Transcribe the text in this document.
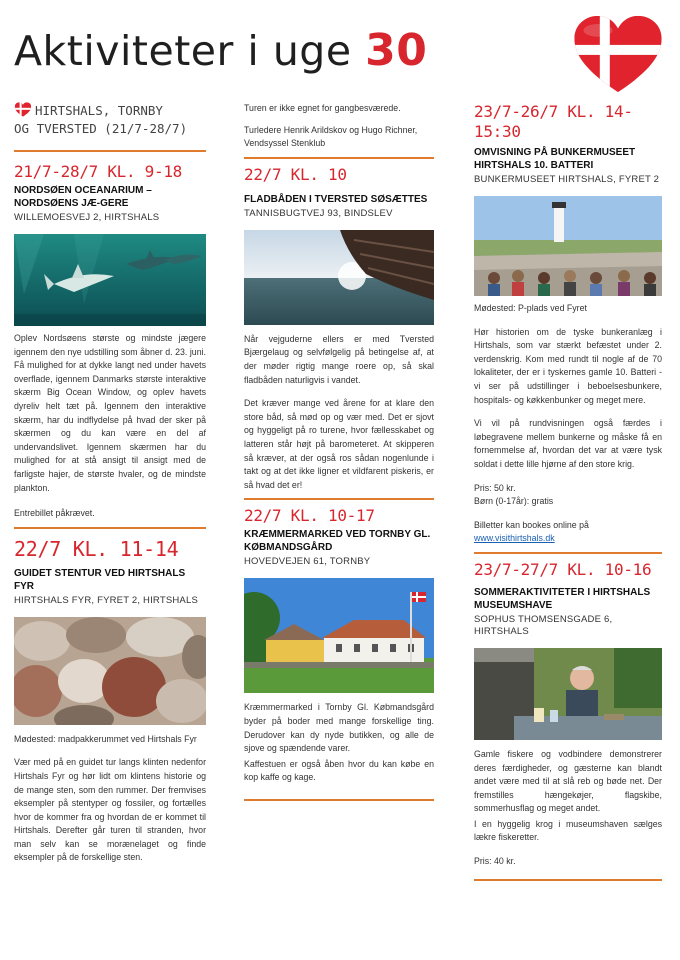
Aktiviteter i uge 30
HIRTSHALS, TORNBY
OG TVERSTED (21/7-28/7)
21/7-28/7 KL. 9-18
NORDSØEN OCEANARIUM – NORDSØENS JÆ-GERE
WILLEMOESVEJ 2, HIRTSHALS
Oplev Nordsøens største og mindste jægere igennem den nye udstilling som åbner d. 23. juni. Få mulighed for at dykke langt ned under havets overflade, igennem Danmarks største interaktive skærm Big Ocean Window, og oplev havets dyreliv helt tæt på. Igennem den interaktive skærm, har du indflydelse på hvad der sker på skærmen og du kan være en del af undervandslivet. Igennem skærmen har du mulighed for at stå ansigt til ansigt med de farligste hajer, de største hvaler, og de mindste plankton.
Entrebillet påkrævet.
22/7 KL. 11-14
GUIDET STENTUR VED HIRTSHALS FYR
HIRTSHALS FYR, FYRET 2, HIRTSHALS
Mødested: madpakkerummet ved Hirtshals Fyr
Vær med på en guidet tur langs klinten nedenfor Hirtshals Fyr og hør lidt om klintens historie og de mange sten, som den rummer. Der fremvises eksempler på stentyper og fossiler, og fortælles hvor de kommer fra og hvordan de er kommet til Hirtshals. Derefter går turen til stranden, hvor man selv kan se morænelaget og finde eksempler på de forskellige sten.
Turen er ikke egnet for gangbesværede.
Turledere Henrik Arildskov og Hugo Richner, Vendsyssel Stenklub
22/7 KL. 10
FLADBÅDEN I TVERSTED SØSÆTTES
TANNISBUGTVEJ 93, BINDSLEV
Når vejguderne ellers er med Tversted Bjærgelaug og selvfølgelig på betingelse af, at der møder rigtig mange roere op, så skal fladbåden naturligvis i vandet.
Det kræver mange ved årene for at klare den store båd, så mød op og vær med. Det er sjovt og hyggeligt på ro turene, hvor fællesskabet og latteren står højt på barometeret. At skipperen så kræver, at der også ros sådan nogenlunde i takt og at det ikke ligner et vildfarent piskeris, er så hvad det er!
22/7 KL. 10-17
KRÆMMERMARKED VED TORNBY GL. KØBMANDSGÅRD
HOVEDVEJEN 61, TORNBY
Kræmmermarked i Tornby Gl. Købmandsgård byder på boder med mange forskellige ting. Derudover kan dy nyde butikken, og alle de sjove og spændende varer.
Kaffestuen er også åben hvor du kan købe en kop kaffe og kage.
23/7-26/7 KL. 14-15:30
OMVISNING PÅ BUNKERMUSEET HIRTSHALS 10. BATTERI
BUNKERMUSEET HIRTSHALS, FYRET 2
Mødested: P-plads ved Fyret
Hør historien om de tyske bunkeranlæg i Hirtshals, som var stærkt befæstet under 2. verdenskrig. Kom med rundt til nogle af de 70 lokaliteter, der er i tyskernes gamle 10. Batteri - vi ser på udstillinger i beboelsesbunkere, hospitals- og køkkenbunker og meget mere.
Vi vil på rundvisningen også færdes i løbegravene mellem bunkerne og måske få en fornemmelse af, hvordan det var at være tysk soldat i dette lille hjørne af den store krig.
Pris: 50 kr.
Børn (0-17år): gratis
Billetter kan bookes online på
www.visithirtshals.dk
23/7-27/7 KL. 10-16
SOMMERAKTIVITETER I HIRTSHALS MUSEUMSHAVE
SOPHUS THOMSENSGADE 6, HIRTSHALS
Gamle fiskere og vodbindere demonstrerer deres færdigheder, og gæsterne kan blandt andet være med til at slå reb og bøde net. Der fremstilles hængekøjer, flagskibe, sommerhusflag og meget andet.
I en hyggelig krog i museumshaven sælges lækre fiskeretter.
Pris: 40 kr.
